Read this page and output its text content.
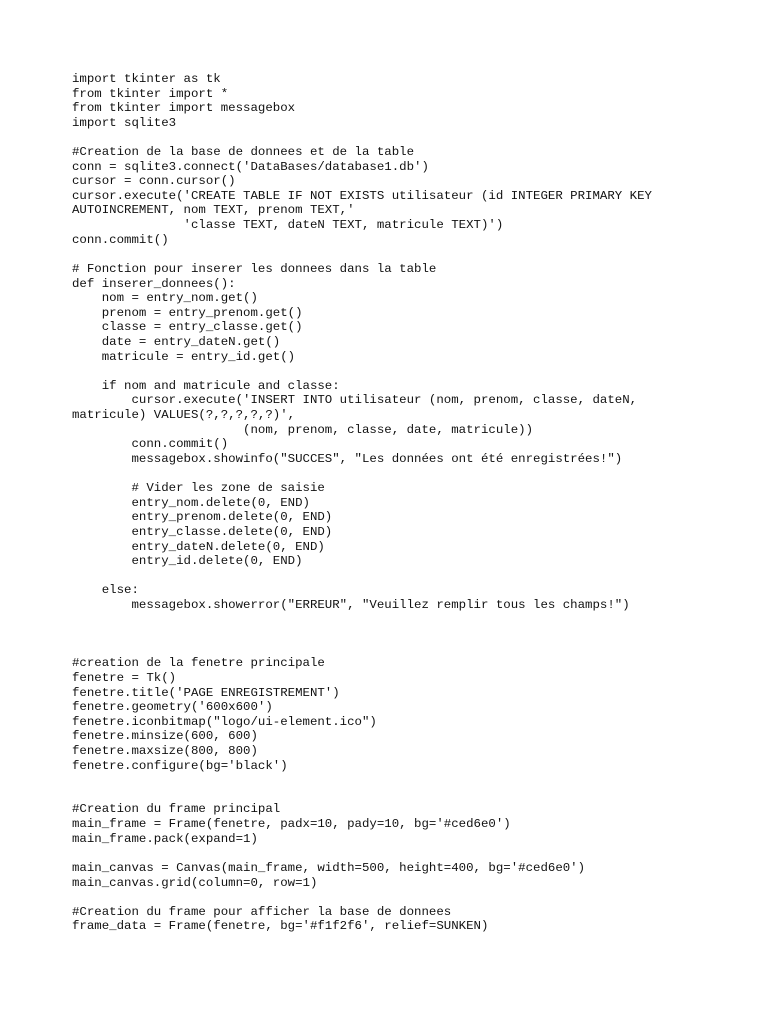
import tkinter as tk
from tkinter import *
from tkinter import messagebox
import sqlite3
#Creation de la base de donnees et de la table
conn = sqlite3.connect('DataBases/database1.db')
cursor = conn.cursor()
cursor.execute('CREATE TABLE IF NOT EXISTS utilisateur (id INTEGER PRIMARY KEY
AUTOINCREMENT, nom TEXT, prenom TEXT,'
'classe TEXT, dateN TEXT, matricule TEXT)')
conn.commit()
# Fonction pour inserer les donnees dans la table
def inserer_donnees():
nom = entry_nom.get()
prenom = entry_prenom.get()
classe = entry_classe.get()
date = entry_dateN.get()
matricule = entry_id.get()
if nom and matricule and classe:
cursor.execute('INSERT INTO utilisateur (nom, prenom, classe, dateN,
matricule) VALUES(?,?,?,?,?)',
(nom, prenom, classe, date, matricule))
conn.commit()
messagebox.showinfo("SUCCES", "Les données ont été enregistrées!")
# Vider les zone de saisie
entry_nom.delete(0, END)
entry_prenom.delete(0, END)
entry_classe.delete(0, END)
entry_dateN.delete(0, END)
entry_id.delete(0, END)
else:
messagebox.showerror("ERREUR", "Veuillez remplir tous les champs!")
#creation de la fenetre principale
fenetre = Tk()
fenetre.title('PAGE ENREGISTREMENT')
fenetre.geometry('600x600')
fenetre.iconbitmap("logo/ui-element.ico")
fenetre.minsize(600, 600)
fenetre.maxsize(800, 800)
fenetre.configure(bg='black')
#Creation du frame principal
main_frame = Frame(fenetre, padx=10, pady=10, bg='#ced6e0')
main_frame.pack(expand=1)
main_canvas = Canvas(main_frame, width=500, height=400, bg='#ced6e0')
main_canvas.grid(column=0, row=1)
#Creation du frame pour afficher la base de donnees
frame_data = Frame(fenetre, bg='#f1f2f6', relief=SUNKEN)
